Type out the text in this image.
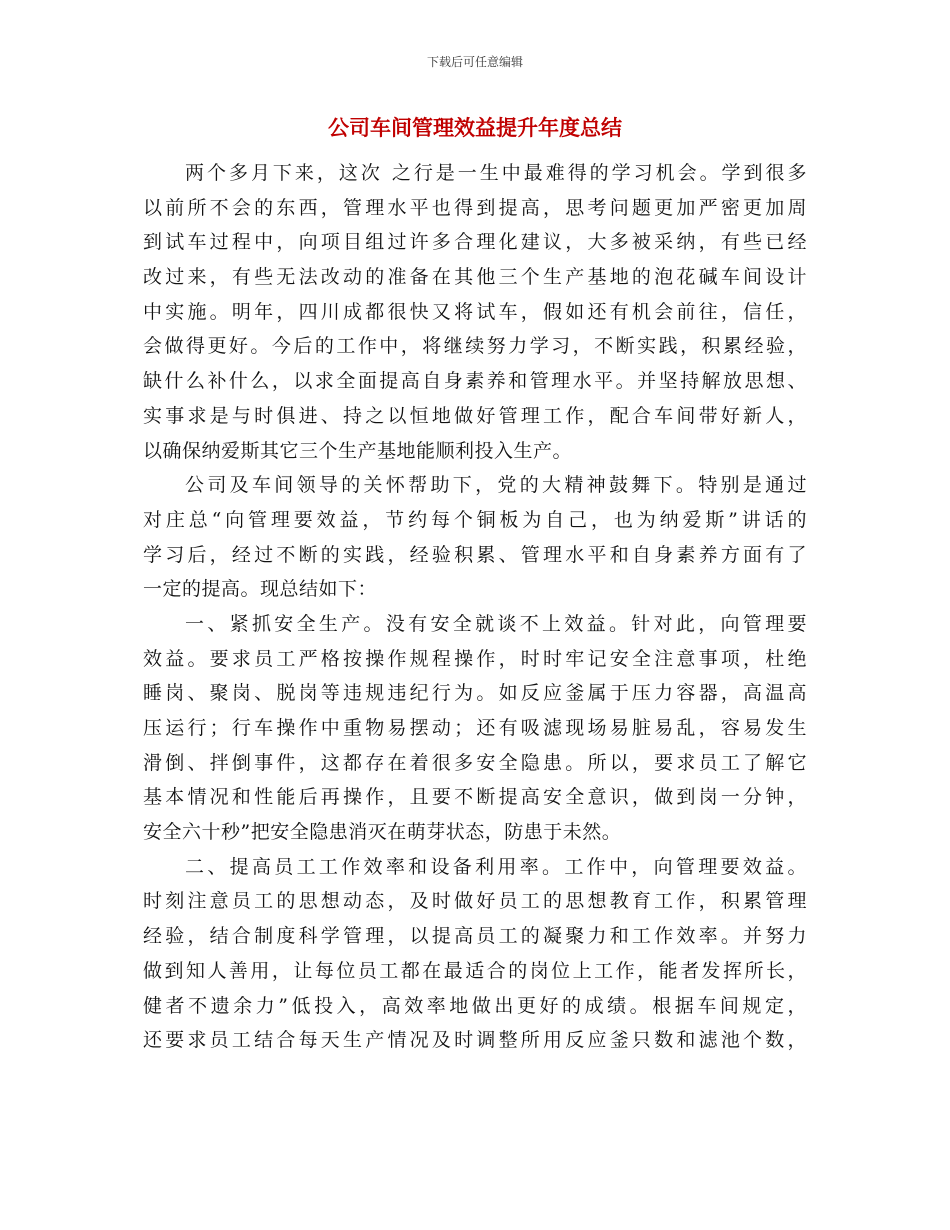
下载后可任意编辑
公司车间管理效益提升年度总结
两个多月下来，这次 之行是一生中最难得的学习机会。学到很多
以前所不会的东西，管理水平也得到提高，思考问题更加严密更加周
到试车过程中，向项目组过许多合理化建议，大多被采纳，有些已经
改过来，有些无法改动的准备在其他三个生产基地的泡花碱车间设计
中实施。明年，四川成都很快又将试车，假如还有机会前往，信任，
会做得更好。今后的工作中，将继续努力学习，不断实践，积累经验，
缺什么补什么，以求全面提高自身素养和管理水平。并坚持解放思想、
实事求是与时俱进、持之以恒地做好管理工作，配合车间带好新人，
以确保纳爱斯其它三个生产基地能顺利投入生产。
公司及车间领导的关怀帮助下，党的大精神鼓舞下。特别是通过
对庄总“向管理要效益，节约每个铜板为自己，也为纳爱斯”讲话的
学习后，经过不断的实践，经验积累、管理水平和自身素养方面有了
一定的提高。现总结如下：
一、紧抓安全生产。没有安全就谈不上效益。针对此，向管理要
效益。要求员工严格按操作规程操作，时时牢记安全注意事项，杜绝
睡岗、聚岗、脱岗等违规违纪行为。如反应釜属于压力容器，高温高
压运行；行车操作中重物易摆动；还有吸滤现场易脏易乱，容易发生
滑倒、拌倒事件，这都存在着很多安全隐患。所以，要求员工了解它
基本情况和性能后再操作，且要不断提高安全意识，做到岗一分钟，
安全六十秒”把安全隐患消灭在萌芽状态，防患于未然。
二、提高员工工作效率和设备利用率。工作中，向管理要效益。
时刻注意员工的思想动态，及时做好员工的思想教育工作，积累管理
经验，结合制度科学管理，以提高员工的凝聚力和工作效率。并努力
做到知人善用，让每位员工都在最适合的岗位上工作，能者发挥所长，
健者不遗余力”低投入，高效率地做出更好的成绩。根据车间规定，
还要求员工结合每天生产情况及时调整所用反应釜只数和滤池个数，
